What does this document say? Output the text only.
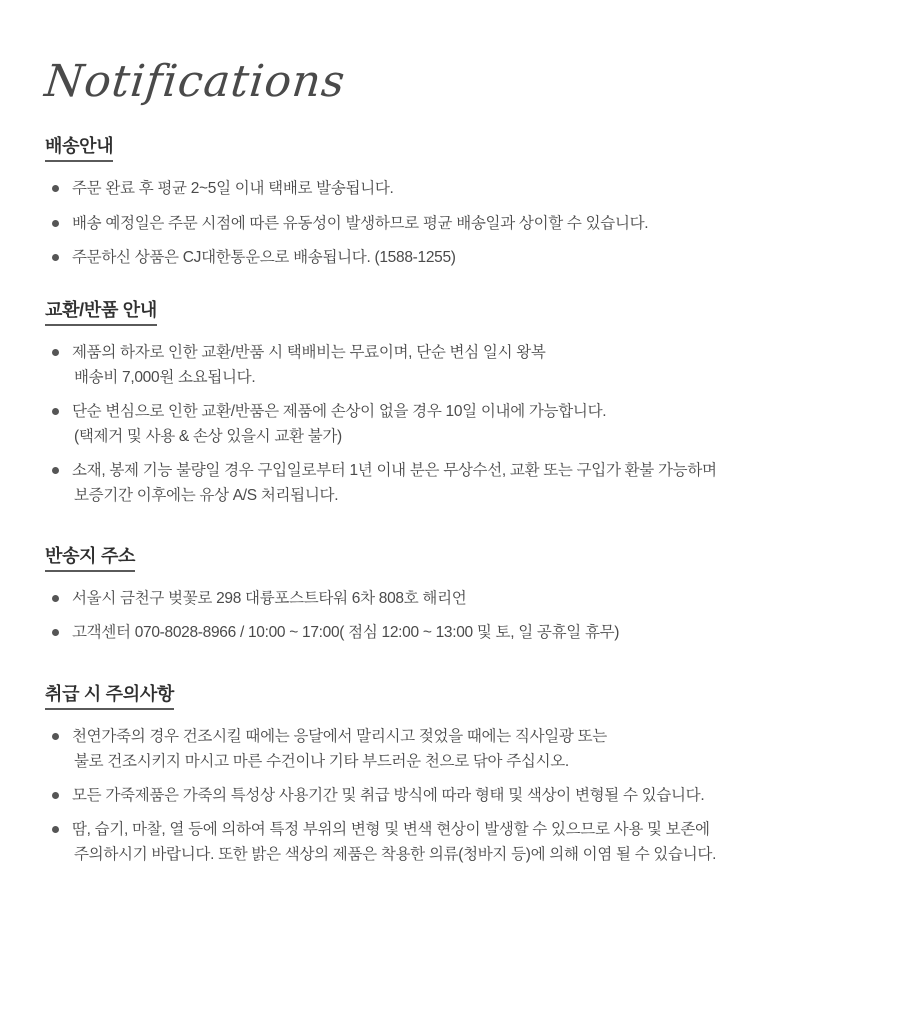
Notifications
배송안내
주문 완료 후 평균 2~5일 이내 택배로 발송됩니다.
배송 예정일은 주문 시점에 따른 유동성이 발생하므로 평균 배송일과 상이할 수 있습니다.
주문하신 상품은 CJ대한통운으로 배송됩니다. (1588-1255)
교환/반품 안내
제품의 하자로 인한 교환/반품 시 택배비는 무료이며, 단순 변심 일시 왕복
배송비 7,000원 소요됩니다.
단순 변심으로 인한 교환/반품은 제품에 손상이 없을 경우 10일 이내에 가능합니다.
(택제거 및 사용 & 손상 있을시 교환 불가)
소재, 봉제 기능 불량일 경우 구입일로부터 1년 이내 분은 무상수선, 교환 또는 구입가 환불 가능하며
보증기간 이후에는 유상 A/S 처리됩니다.
반송지 주소
서울시 금천구 벚꽃로 298 대륭포스트타워 6차 808호 해리언
고객센터 070-8028-8966 / 10:00 ~ 17:00( 점심 12:00 ~ 13:00 및 토, 일 공휴일 휴무)
취급 시 주의사항
천연가죽의 경우 건조시킬 때에는 응달에서 말리시고 젖었을 때에는 직사일광 또는
불로 건조시키지 마시고 마른 수건이나 기타 부드러운 천으로 닦아 주십시오.
모든 가죽제품은 가죽의 특성상 사용기간 및 취급 방식에 따라 형태 및 색상이 변형될 수 있습니다.
땀, 습기, 마찰, 열 등에 의하여 특정 부위의 변형 및 변색 현상이 발생할 수 있으므로 사용 및 보존에
주의하시기 바랍니다. 또한 밝은 색상의 제품은 착용한 의류(청바지 등)에 의해 이염 될 수 있습니다.
